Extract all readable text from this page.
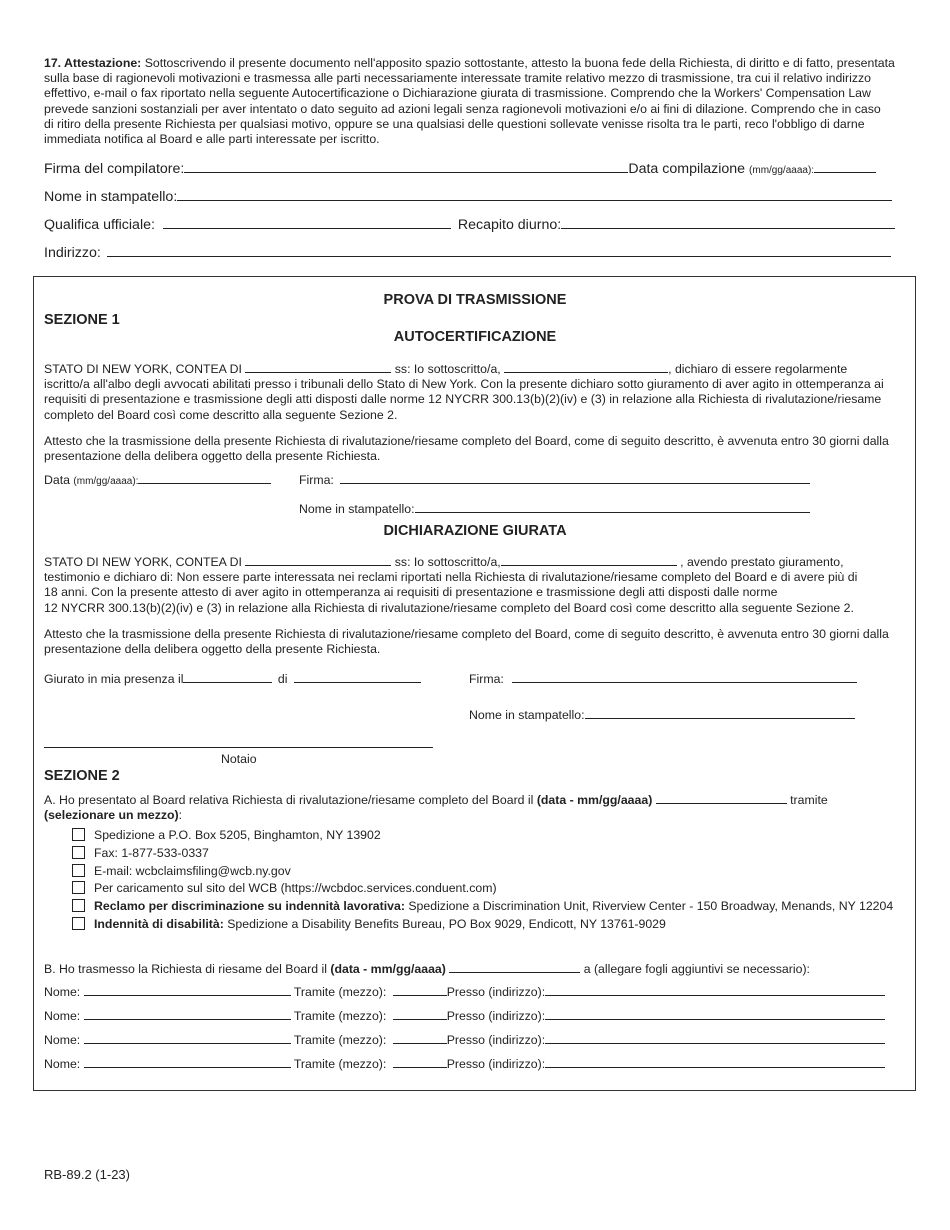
17. Attestazione: Sottoscrivendo il presente documento nell'apposito spazio sottostante, attesto la buona fede della Richiesta, di diritto e di fatto, presentata
sulla base di ragionevoli motivazioni e trasmessa alle parti necessariamente interessate tramite relativo mezzo di trasmissione, tra cui il relativo indirizzo
effettivo, e-mail o fax riportato nella seguente Autocertificazione o Dichiarazione giurata di trasmissione. Comprendo che la Workers' Compensation Law
prevede sanzioni sostanziali per aver intentato o dato seguito ad azioni legali senza ragionevoli motivazioni e/o ai fini di dilazione. Comprendo che in caso
di ritiro della presente Richiesta per qualsiasi motivo, oppure se una qualsiasi delle questioni sollevate venisse risolta tra le parti, reco l'obbligo di darne
immediata notifica al Board e alle parti interessate per iscritto.
Firma del compilatore:	Data compilazione (mm/gg/aaaa):
Nome in stampatello:
Qualifica ufficiale:	Recapito diurno:
Indirizzo:
PROVA DI TRASMISSIONE
SEZIONE 1
AUTOCERTIFICAZIONE
STATO DI NEW YORK, CONTEA DI	ss: Io sottoscritto/a,	, dichiaro di essere regolarmente
iscritto/a all'albo degli avvocati abilitati presso i tribunali dello Stato di New York. Con la presente dichiaro sotto giuramento di aver agito in ottemperanza ai
requisiti di presentazione e trasmissione degli atti disposti dalle norme 12 NYCRR 300.13(b)(2)(iv) e (3) in relazione alla Richiesta di rivalutazione/riesame
completo del Board così come descritto alla seguente Sezione 2.
Attesto che la trasmissione della presente Richiesta di rivalutazione/riesame completo del Board, come di seguito descritto, è avvenuta entro 30 giorni dalla
presentazione della delibera oggetto della presente Richiesta.
Data (mm/gg/aaaa):	Firma:
Nome in stampatello:
DICHIARAZIONE GIURATA
STATO DI NEW YORK, CONTEA DI	ss: Io sottoscritto/a,	, avendo prestato giuramento,
testimonio e dichiaro di: Non essere parte interessata nei reclami riportati nella Richiesta di rivalutazione/riesame completo del Board e di avere più di
18 anni. Con la presente attesto di aver agito in ottemperanza ai requisiti di presentazione e trasmissione degli atti disposti dalle norme
12 NYCRR 300.13(b)(2)(iv) e (3) in relazione alla Richiesta di rivalutazione/riesame completo del Board così come descritto alla seguente Sezione 2.
Attesto che la trasmissione della presente Richiesta di rivalutazione/riesame completo del Board, come di seguito descritto, è avvenuta entro 30 giorni dalla
presentazione della delibera oggetto della presente Richiesta.
Giurato in mia presenza il	di	Firma:
Nome in stampatello:
Notaio
SEZIONE 2
A. Ho presentato al Board relativa Richiesta di rivalutazione/riesame completo del Board il (data - mm/gg/aaaa)	tramite
(selezionare un mezzo):
Spedizione a P.O. Box 5205, Binghamton, NY 13902
Fax: 1-877-533-0337
E-mail: wcbclaimsfiling@wcb.ny.gov
Per caricamento sul sito del WCB (https://wcbdoc.services.conduent.com)
Reclamo per discriminazione su indennità lavorativa: Spedizione a Discrimination Unit, Riverview Center - 150 Broadway, Menands, NY 12204
Indennità di disabilità: Spedizione a Disability Benefits Bureau, PO Box 9029, Endicott, NY 13761-9029
B. Ho trasmesso la Richiesta di riesame del Board il (data - mm/gg/aaaa)	a (allegare fogli aggiuntivi se necessario):
Nome:	Tramite (mezzo):	Presso (indirizzo):
Nome:	Tramite (mezzo):	Presso (indirizzo):
Nome:	Tramite (mezzo):	Presso (indirizzo):
Nome:	Tramite (mezzo):	Presso (indirizzo):
RB-89.2 (1-23)
